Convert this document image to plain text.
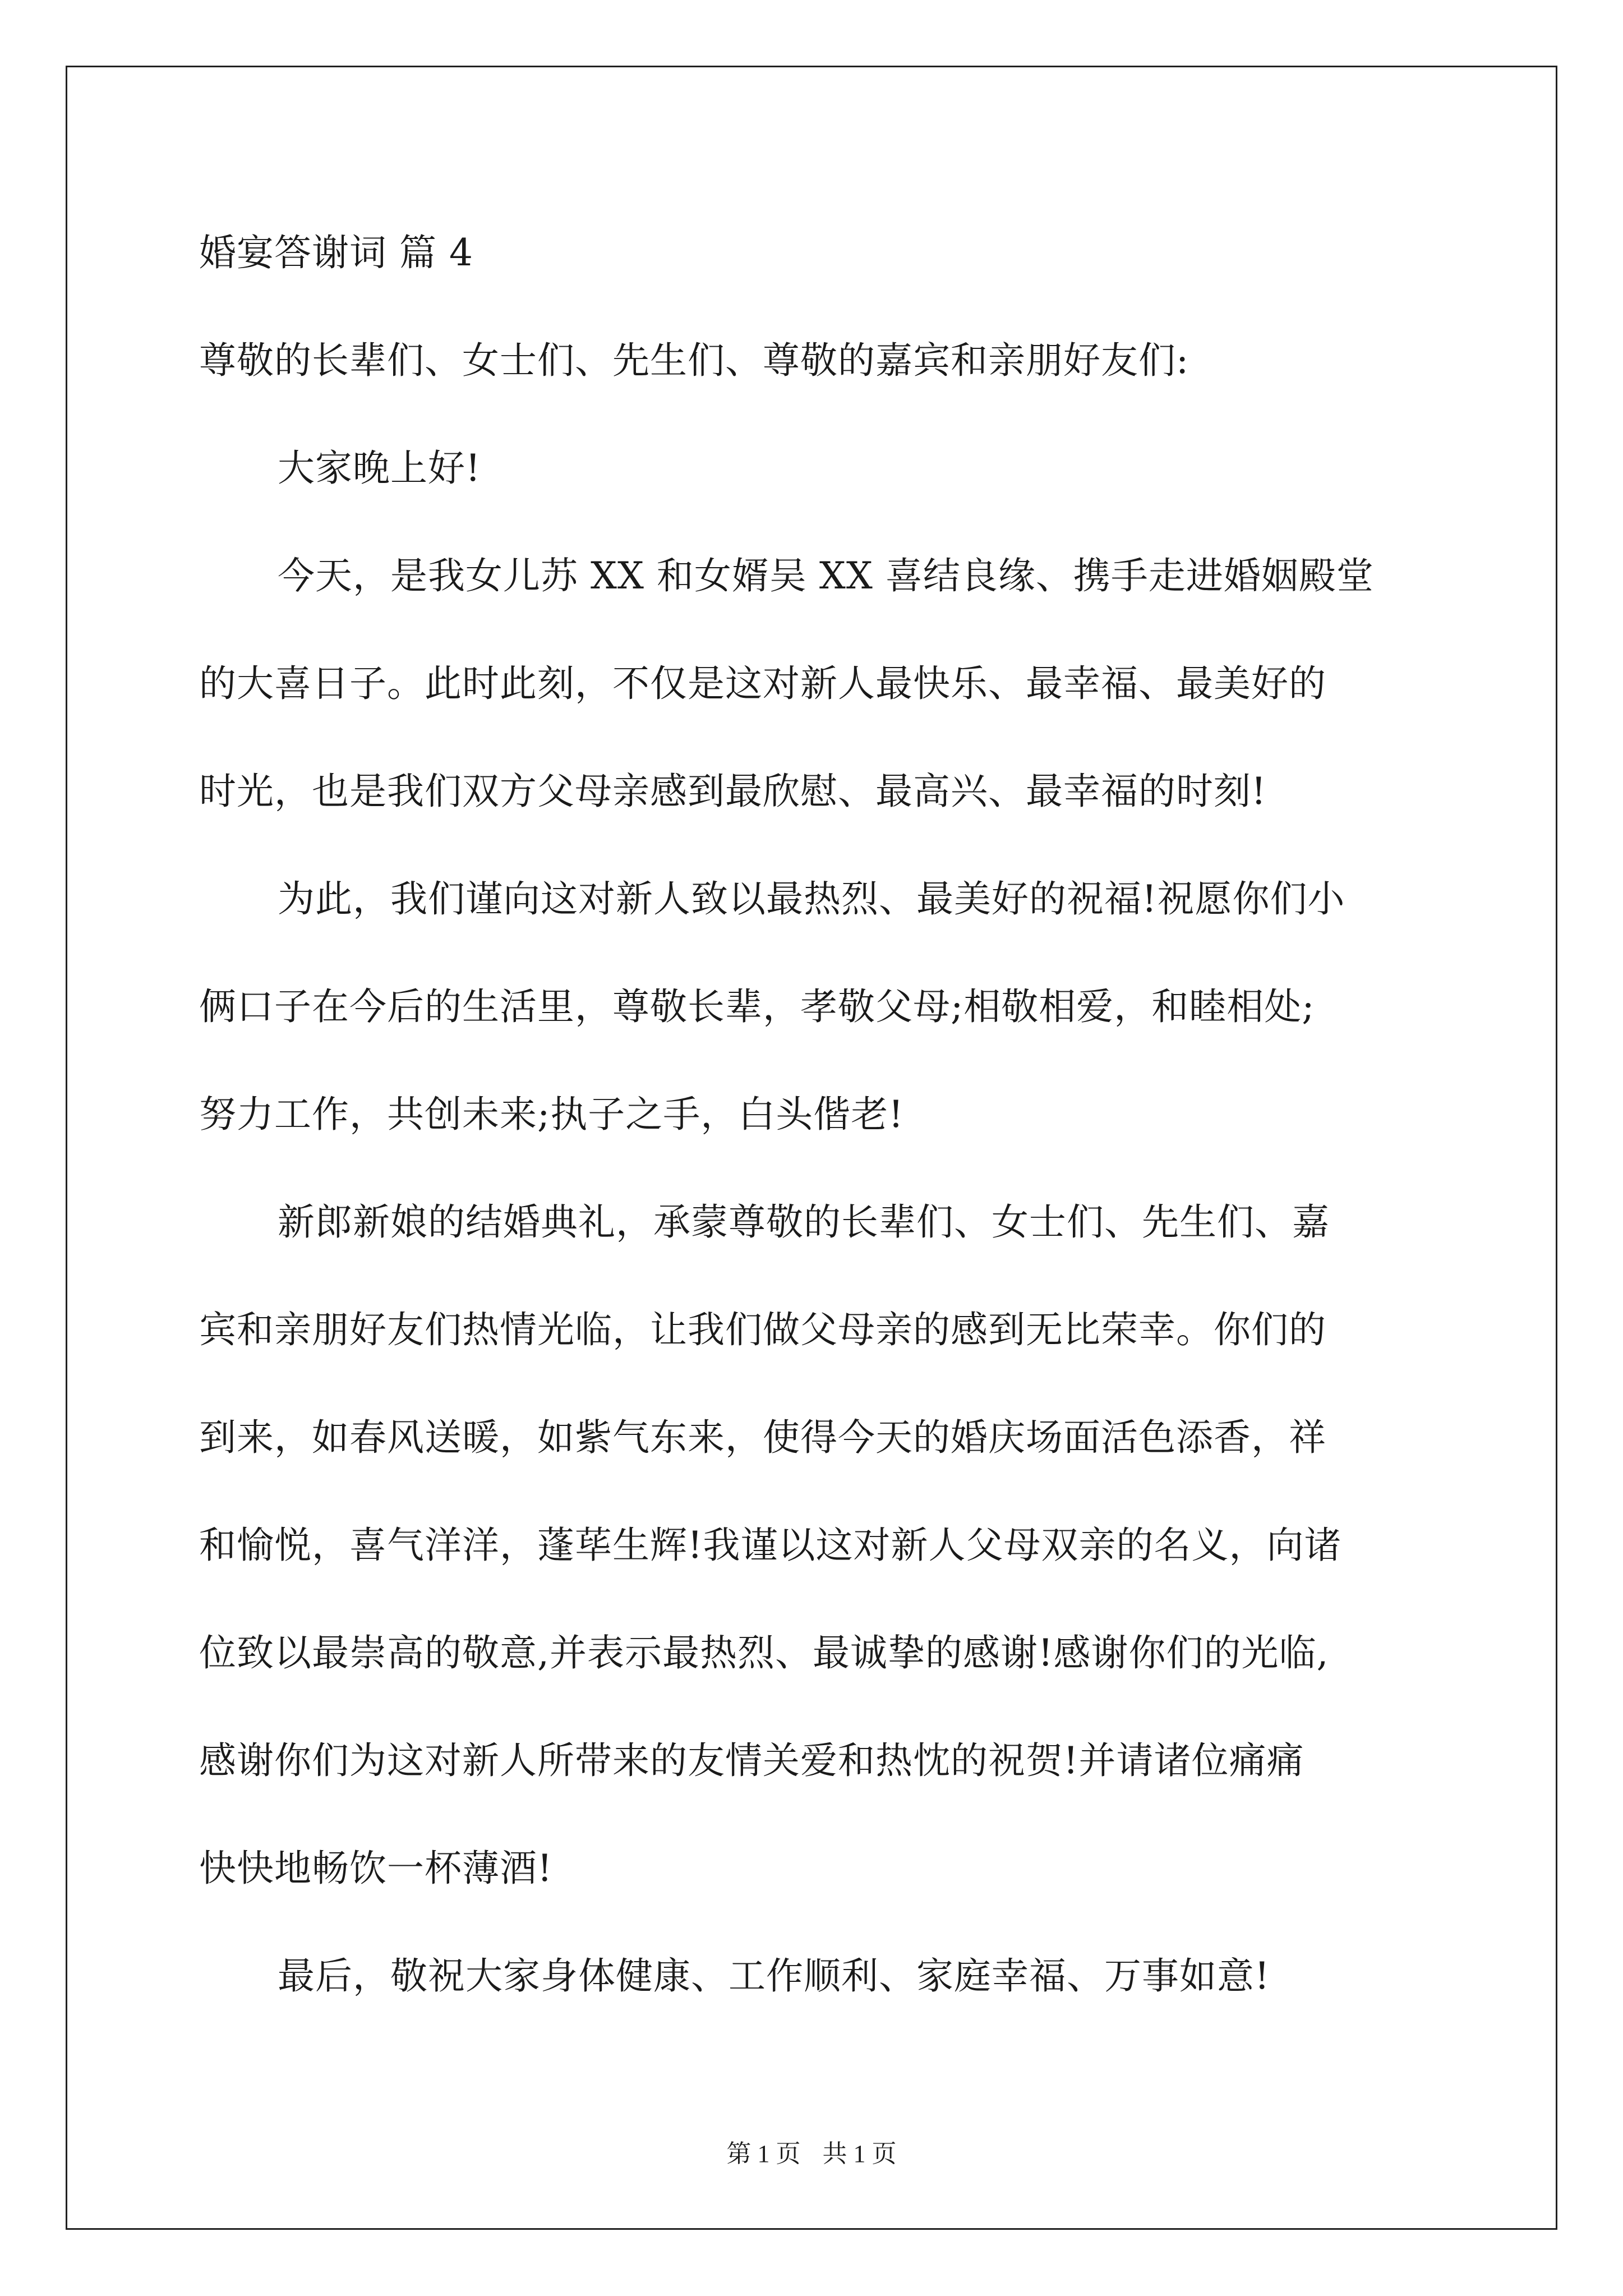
婚宴答谢词 篇 4
尊敬的长辈们、女士们、先生们、尊敬的嘉宾和亲朋好友们:
大家晚上好!
今天，是我女儿苏 XX 和女婿吴 XX 喜结良缘、携手走进婚姻殿堂
的大喜日子。此时此刻，不仅是这对新人最快乐、最幸福、最美好的
时光，也是我们双方父母亲感到最欣慰、最高兴、最幸福的时刻!
为此，我们谨向这对新人致以最热烈、最美好的祝福!祝愿你们小
俩口子在今后的生活里，尊敬长辈，孝敬父母;相敬相爱，和睦相处;
努力工作，共创未来;执子之手，白头偕老!
新郎新娘的结婚典礼，承蒙尊敬的长辈们、女士们、先生们、嘉
宾和亲朋好友们热情光临，让我们做父母亲的感到无比荣幸。你们的
到来，如春风送暖，如紫气东来，使得今天的婚庆场面活色添香，祥
和愉悦，喜气洋洋，蓬荜生辉!我谨以这对新人父母双亲的名义，向诸
位致以最崇高的敬意,并表示最热烈、最诚挚的感谢!感谢你们的光临,
感谢你们为这对新人所带来的友情关爱和热忱的祝贺!并请诸位痛痛
快快地畅饮一杯薄酒!
最后，敬祝大家身体健康、工作顺利、家庭幸福、万事如意!
第 1 页 共 1 页
